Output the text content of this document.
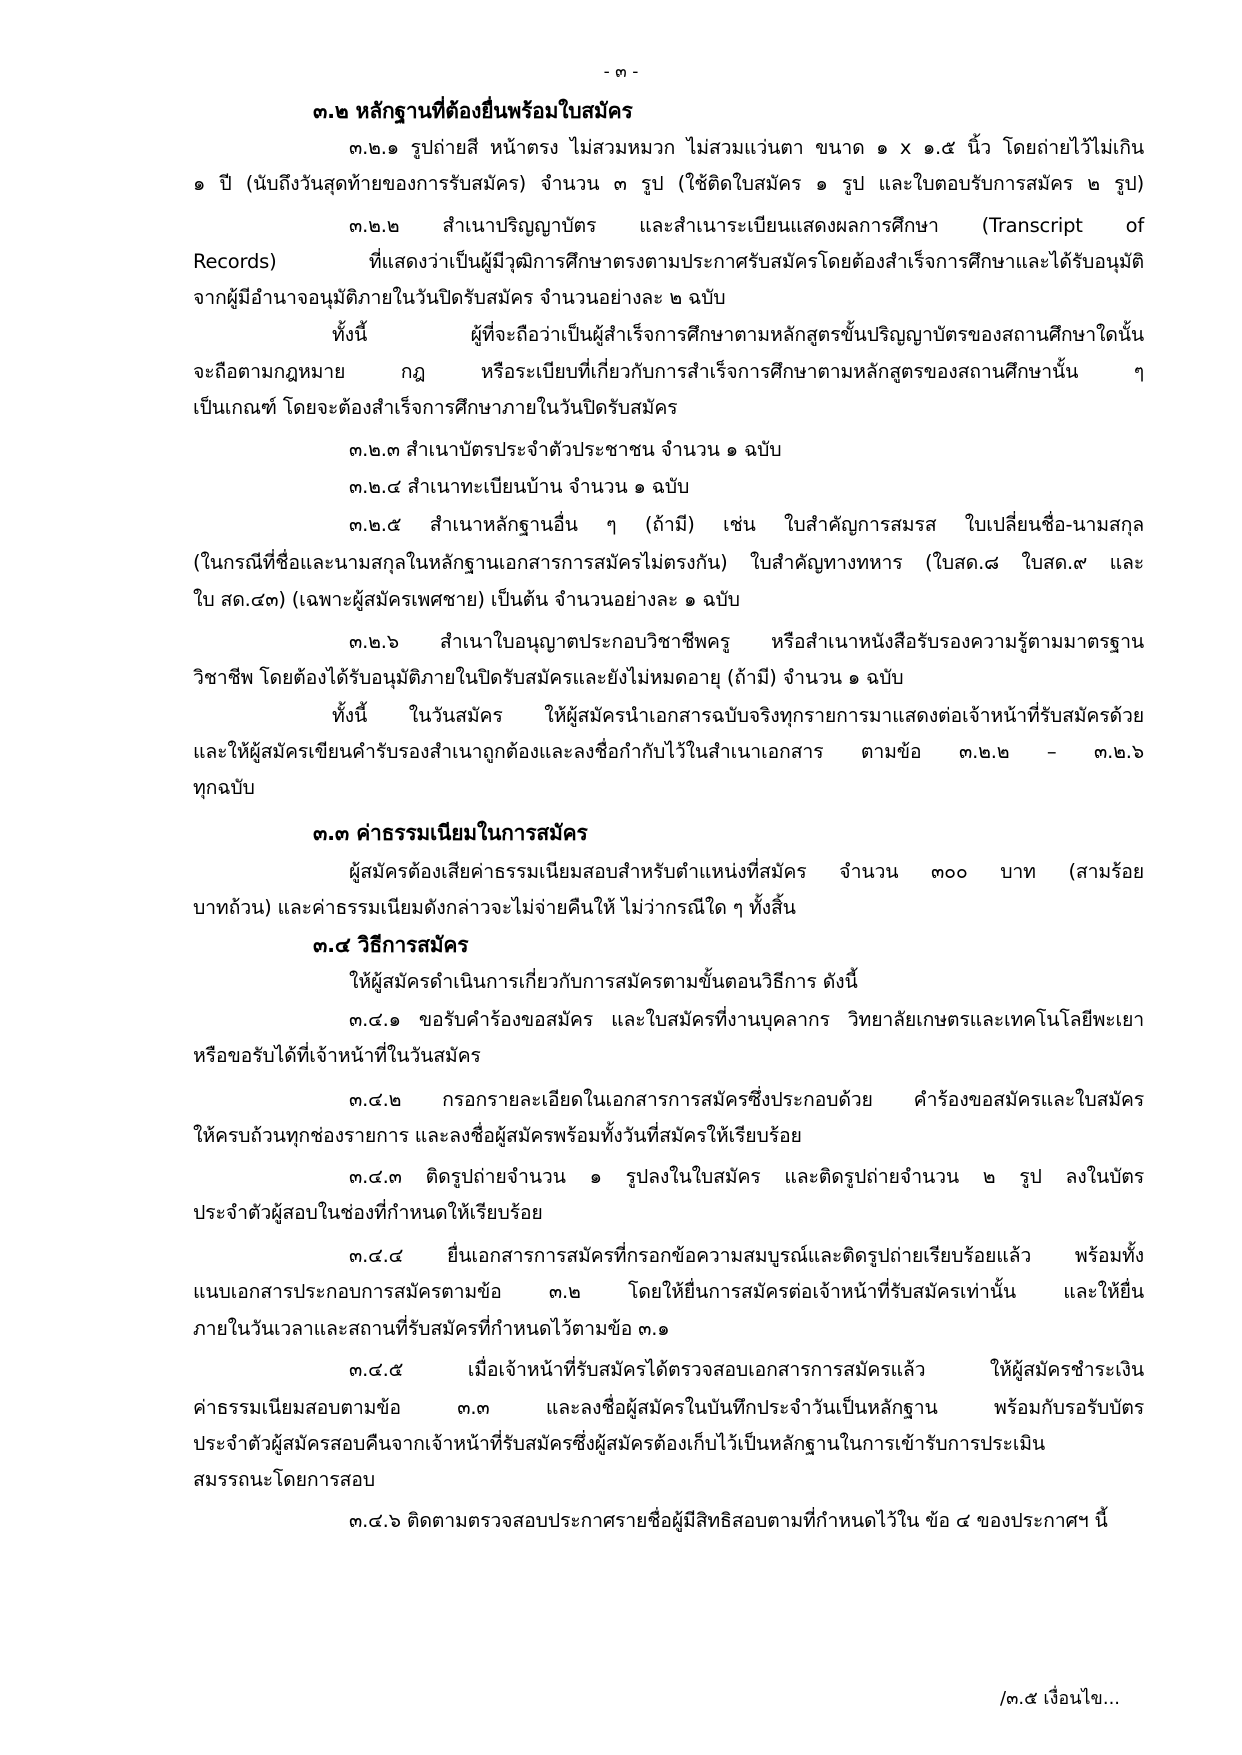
- ๓ -
๓.๒ หลักฐานที่ต้องยื่นพร้อมใบสมัคร
๓.๒.๑ รูปถ่ายสี หน้าตรง ไม่สวมหมวก ไม่สวมแว่นตา ขนาด ๑ x ๑.๕ นิ้ว โดยถ่ายไว้ไม่เกิน
๑ ปี (นับถึงวันสุดท้ายของการรับสมัคร) จำนวน ๓ รูป (ใช้ติดใบสมัคร ๑ รูป และใบตอบรับการสมัคร ๒ รูป)
๓.๒.๒ สำเนาปริญญาบัตร และสำเนาระเบียนแสดงผลการศึกษา (Transcript of
Records) ที่แสดงว่าเป็นผู้มีวุฒิการศึกษาตรงตามประกาศรับสมัครโดยต้องสำเร็จการศึกษาและได้รับอนุมัติ
จากผู้มีอำนาจอนุมัติภายในวันปิดรับสมัคร จำนวนอย่างละ ๒ ฉบับ
ทั้งนี้ ผู้ที่จะถือว่าเป็นผู้สำเร็จการศึกษาตามหลักสูตรขั้นปริญญาบัตรของสถานศึกษาใดนั้น
จะถือตามกฎหมาย กฎ หรือระเบียบที่เกี่ยวกับการสำเร็จการศึกษาตามหลักสูตรของสถานศึกษานั้น ๆ
เป็นเกณฑ์ โดยจะต้องสำเร็จการศึกษาภายในวันปิดรับสมัคร
๓.๒.๓ สำเนาบัตรประจำตัวประชาชน จำนวน ๑ ฉบับ
๓.๒.๔ สำเนาทะเบียนบ้าน จำนวน ๑ ฉบับ
๓.๒.๕ สำเนาหลักฐานอื่น ๆ (ถ้ามี) เช่น ใบสำคัญการสมรส ใบเปลี่ยนชื่อ-นามสกุล
(ในกรณีที่ชื่อและนามสกุลในหลักฐานเอกสารการสมัครไม่ตรงกัน) ใบสำคัญทางทหาร (ใบสด.๘ ใบสด.๙ และ
ใบ สด.๔๓) (เฉพาะผู้สมัครเพศชาย) เป็นต้น จำนวนอย่างละ ๑ ฉบับ
๓.๒.๖ สำเนาใบอนุญาตประกอบวิชาชีพครู หรือสำเนาหนังสือรับรองความรู้ตามมาตรฐาน
วิชาชีพ โดยต้องได้รับอนุมัติภายในปิดรับสมัครและยังไม่หมดอายุ (ถ้ามี) จำนวน ๑ ฉบับ
ทั้งนี้ ในวันสมัคร ให้ผู้สมัครนำเอกสารฉบับจริงทุกรายการมาแสดงต่อเจ้าหน้าที่รับสมัครด้วย
และให้ผู้สมัครเขียนคำรับรองสำเนาถูกต้องและลงชื่อกำกับไว้ในสำเนาเอกสาร ตามข้อ ๓.๒.๒ – ๓.๒.๖
ทุกฉบับ
๓.๓ ค่าธรรมเนียมในการสมัคร
ผู้สมัครต้องเสียค่าธรรมเนียมสอบสำหรับตำแหน่งที่สมัคร จำนวน ๓๐๐ บาท (สามร้อย
บาทถ้วน) และค่าธรรมเนียมดังกล่าวจะไม่จ่ายคืนให้ ไม่ว่ากรณีใด ๆ ทั้งสิ้น
๓.๔ วิธีการสมัคร
ให้ผู้สมัครดำเนินการเกี่ยวกับการสมัครตามขั้นตอนวิธีการ ดังนี้
๓.๔.๑ ขอรับคำร้องขอสมัคร และใบสมัครที่งานบุคลากร วิทยาลัยเกษตรและเทคโนโลยีพะเยา
หรือขอรับได้ที่เจ้าหน้าที่ในวันสมัคร
๓.๔.๒ กรอกรายละเอียดในเอกสารการสมัครซึ่งประกอบด้วย คำร้องขอสมัครและใบสมัคร
ให้ครบถ้วนทุกช่องรายการ และลงชื่อผู้สมัครพร้อมทั้งวันที่สมัครให้เรียบร้อย
๓.๔.๓ ติดรูปถ่ายจำนวน ๑ รูปลงในใบสมัคร และติดรูปถ่ายจำนวน ๒ รูป ลงในบัตร
ประจำตัวผู้สอบในช่องที่กำหนดให้เรียบร้อย
๓.๔.๔ ยื่นเอกสารการสมัครที่กรอกข้อความสมบูรณ์และติดรูปถ่ายเรียบร้อยแล้ว พร้อมทั้ง
แนบเอกสารประกอบการสมัครตามข้อ ๓.๒ โดยให้ยื่นการสมัครต่อเจ้าหน้าที่รับสมัครเท่านั้น และให้ยื่น
ภายในวันเวลาและสถานที่รับสมัครที่กำหนดไว้ตามข้อ ๓.๑
๓.๔.๕ เมื่อเจ้าหน้าที่รับสมัครได้ตรวจสอบเอกสารการสมัครแล้ว ให้ผู้สมัครชำระเงิน
ค่าธรรมเนียมสอบตามข้อ ๓.๓ และลงชื่อผู้สมัครในบันทึกประจำวันเป็นหลักฐาน พร้อมกับรอรับบัตร
ประจำตัวผู้สมัครสอบคืนจากเจ้าหน้าที่รับสมัครซึ่งผู้สมัครต้องเก็บไว้เป็นหลักฐานในการเข้ารับการประเมิน
สมรรถนะโดยการสอบ
๓.๔.๖ ติดตามตรวจสอบประกาศรายชื่อผู้มีสิทธิสอบตามที่กำหนดไว้ใน ข้อ ๔ ของประกาศฯ นี้
/๓.๕ เงื่อนไข...
